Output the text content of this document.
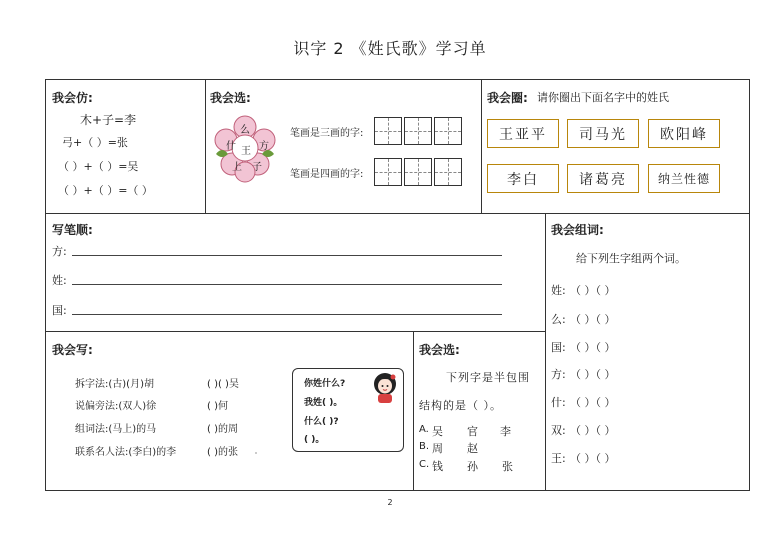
识字 2 《姓氏歌》学习单
我会仿:
木+子=李
弓+（ ）=张
（ ）+（ ）=吴
（ ）+（ ）=（ ）
我会选:
么
什 王 方
上 子
笔画是三画的字:
笔画是四画的字:
我会圈: 请你圈出下面名字中的姓氏
王亚平	司马光	欧阳峰
李白	诸葛亮	纳兰性德
写笔顺:
方:
姓:
国:
我会组词:
给下列生字组两个词。
姓: （ ）（ ）
么: （ ）（ ）
国: （ ）（ ）
方: （ ）（ ）
什: （ ）（ ）
双: （ ）（ ）
王: （ ）（ ）
我会写:
拆字法:(古)(月)胡	( )( )吴
说偏旁法:(双人)徐	( )何
组词法:(马上)的马	( )的周
联系名人法:(李白)的李	( )的张
你姓什么?
我姓( )。
什么( )?
( )。
我会选:
下列字是半包围
结构的是（ ）。
A. 吴 官 李
B. 周 赵
C. 钱 孙 张
2
